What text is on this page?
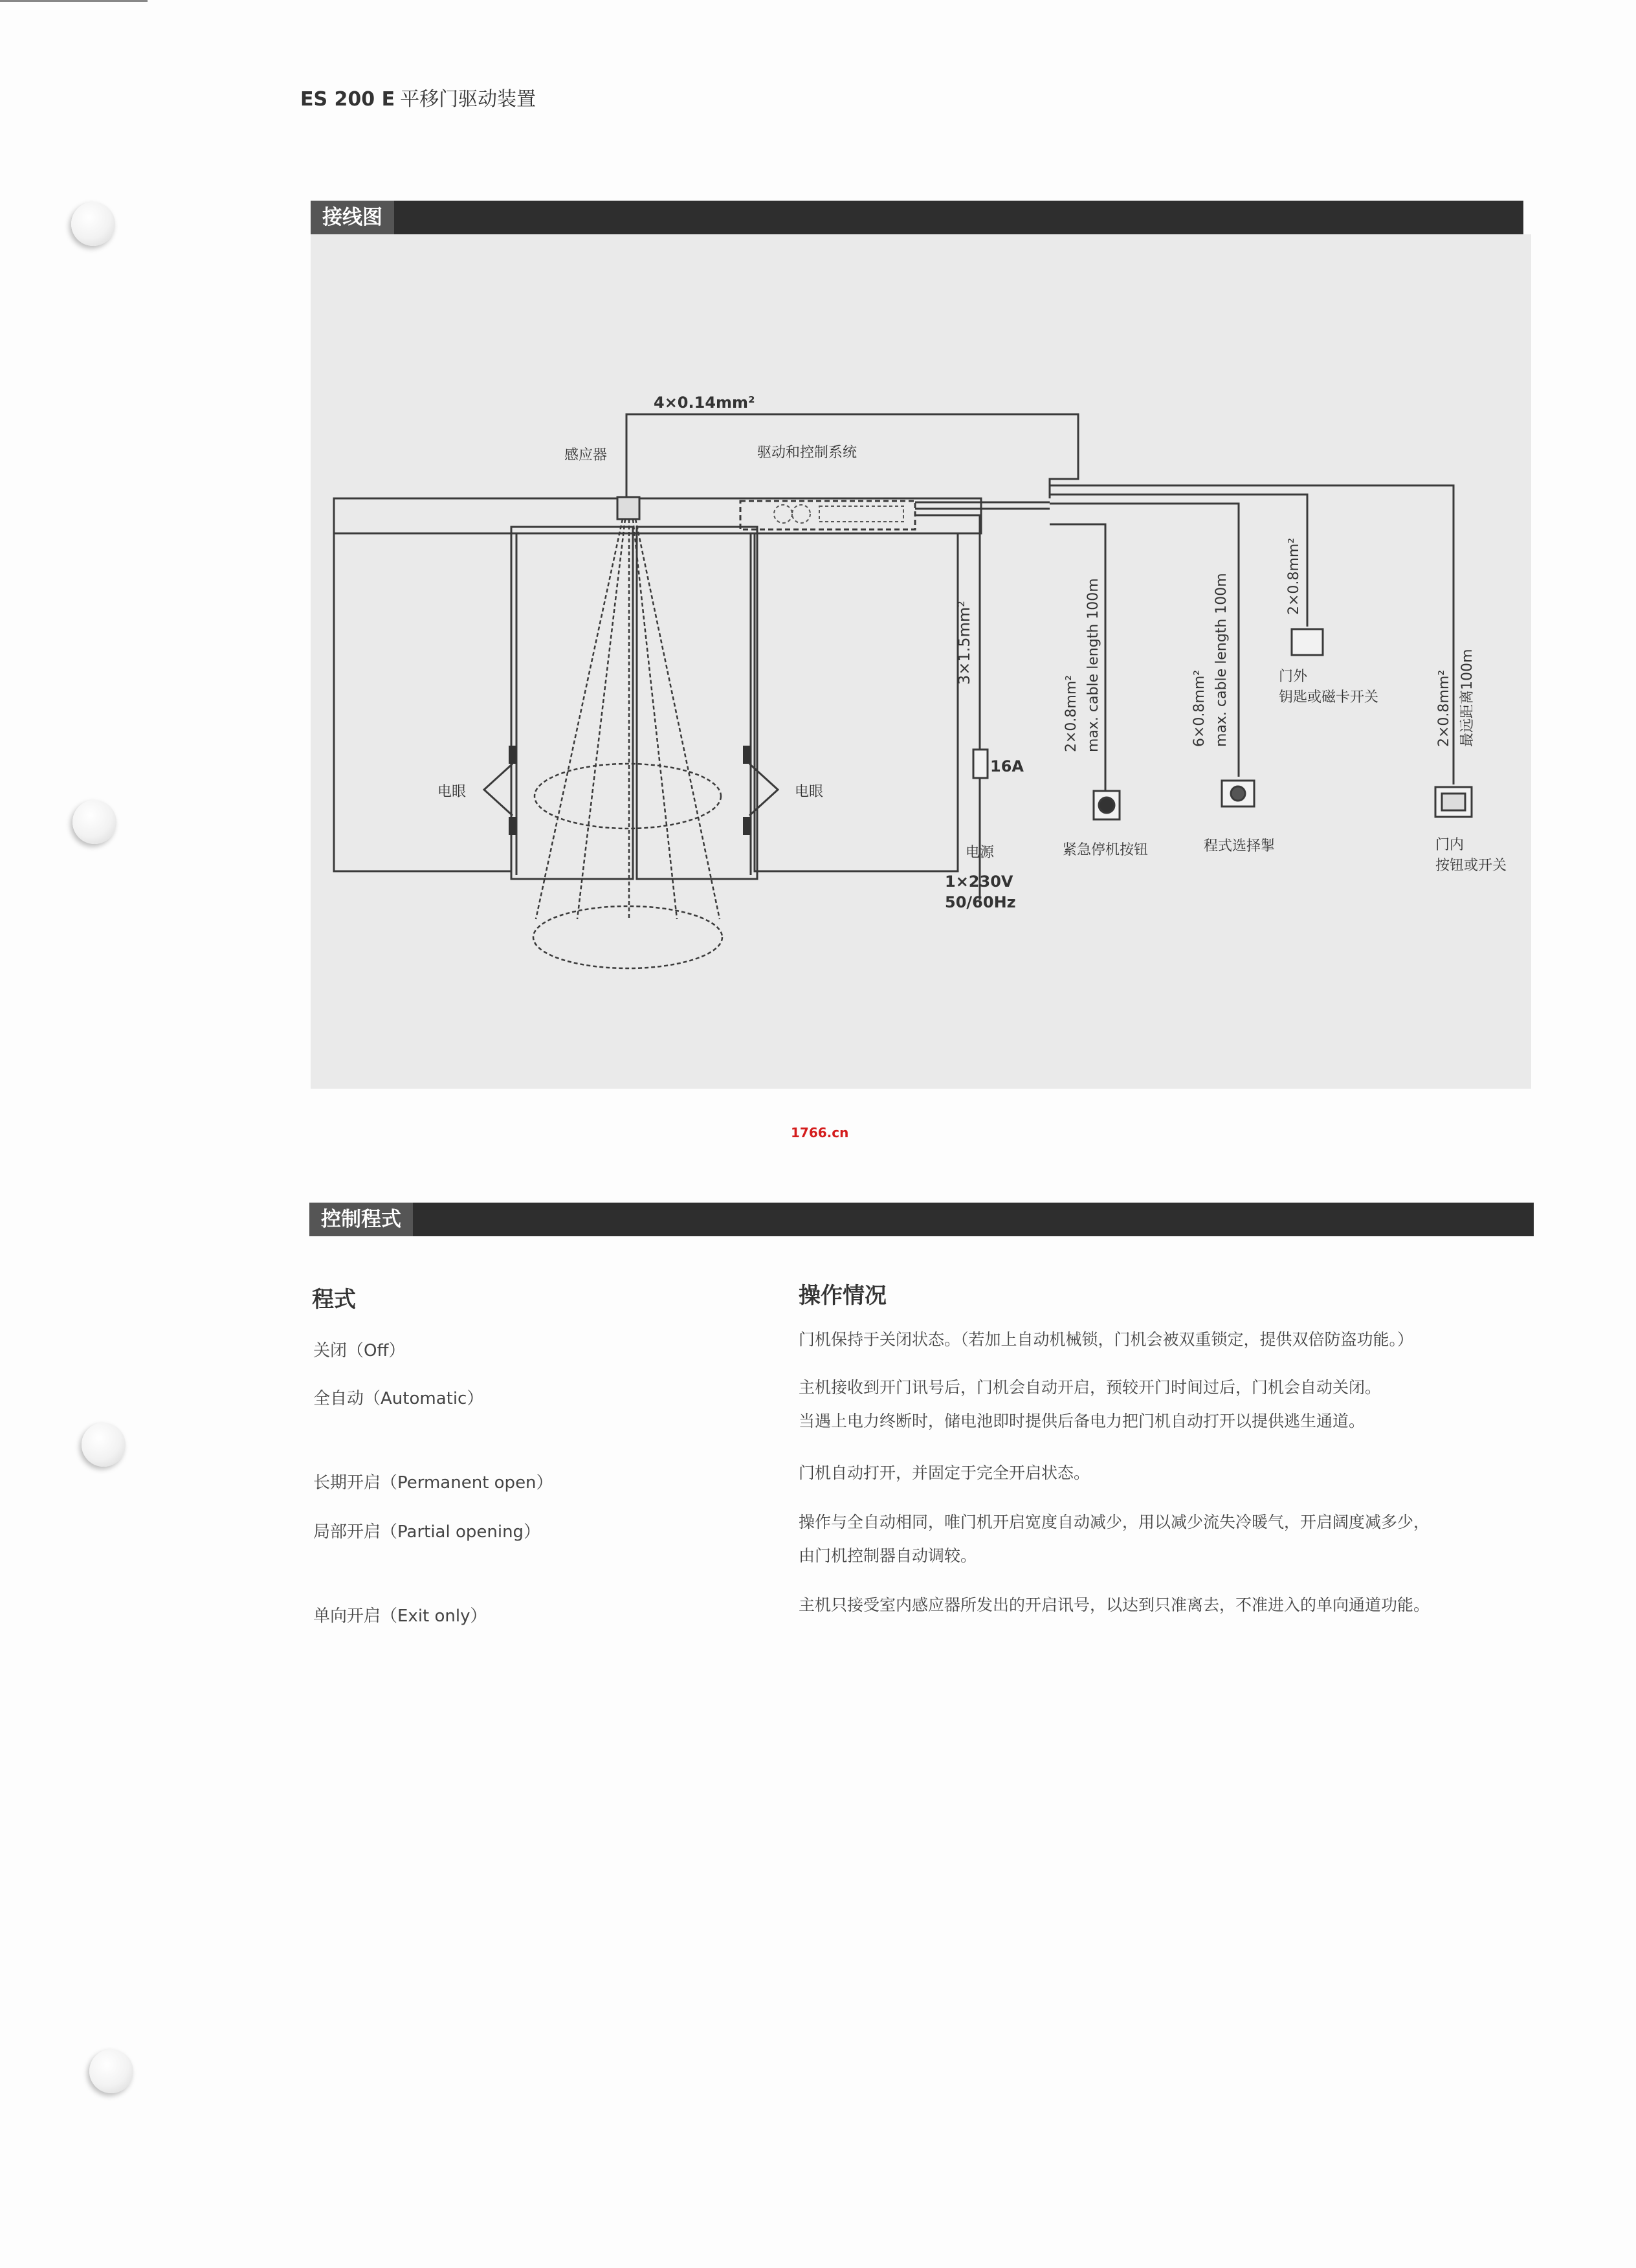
ES 200 E 平移门驱动装置
接线图
4×0.14mm²
感应器	驱动和控制系统
电眼	电眼
3×1.5mm²
16A
电源
1×230V
50/60Hz
2×0.8mm² max. cable length 100m
紧急停机按钮
6×0.8mm² max. cable length 100m
程式选择掣
2×0.8mm²
门外
钥匙或磁卡开关	2×0.8mm² 最远距离100m
门内
按钮或开关
1766.cn
控制程式
程式	操作情况
关闭（Off）
门机保持于关闭状态。（若加上自动机械锁，门机会被双重锁定，提供双倍防盗功能。）
全自动（Automatic）
主机接收到开门讯号后，门机会自动开启，预较开门时间过后，门机会自动关闭。
当遇上电力终断时，储电池即时提供后备电力把门机自动打开以提供逃生通道。
长期开启（Permanent open）
门机自动打开，并固定于完全开启状态。
局部开启（Partial opening）
操作与全自动相同，唯门机开启宽度自动减少，用以减少流失冷暖气，开启阔度减多少，
由门机控制器自动调较。
单向开启（Exit only）
主机只接受室内感应器所发出的开启讯号，以达到只准离去，不准进入的单向通道功能。
